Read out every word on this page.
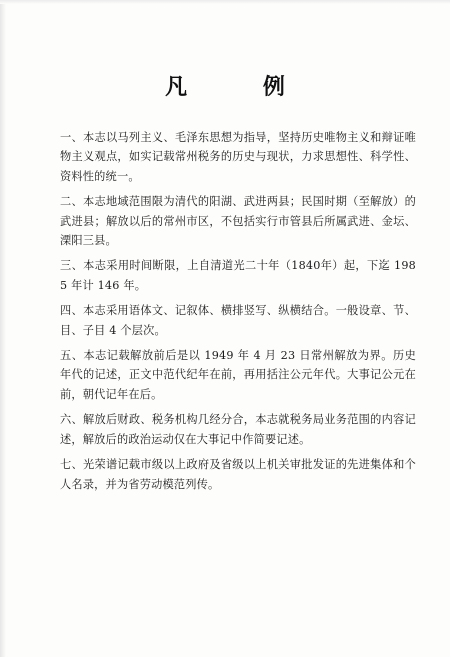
凡 例

一、本志以马列主义、毛泽东思想为指导，坚持历史唯物主义和辩证唯物主义观点，如实记载常州税务的历史与现状，力求思想性、科学性、资料性的统一。

二、本志地域范围限为清代的阳湖、武进两县；民国时期（至解放）的武进县；解放以后的常州市区，不包括实行市管县后所属武进、金坛、溧阳三县。

三、本志采用时间断限，上自清道光二十年（1840年）起，下迄 1985 年计 146 年。

四、本志采用语体文、记叙体、横排竖写、纵横结合。一般设章、节、目、子目 4 个层次。

五、本志记载解放前后是以 1949 年 4 月 23 日常州解放为界。历史年代的记述，正文中范代纪年在前，再用括注公元年代。大事记公元在前，朝代记年在后。

六、解放后财政、税务机构几经分合，本志就税务局业务范围的内容记述，解放后的政治运动仅在大事记中作简要记述。

七、光荣谱记载市级以上政府及省级以上机关审批发证的先进集体和个人名录，并为省劳动模范列传。
